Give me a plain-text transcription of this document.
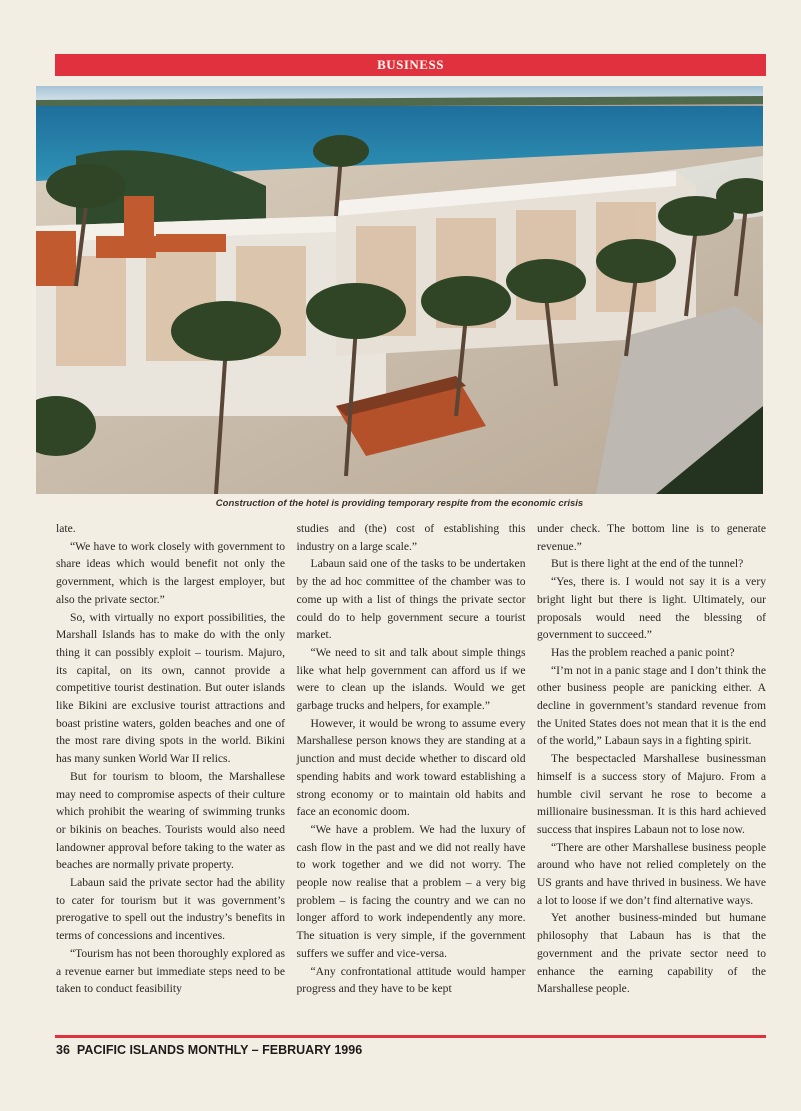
BUSINESS
Construction of the hotel is providing temporary respite from the economic crisis

late.

“We have to work closely with government to share ideas which would benefit not only the government, which is the largest employer, but also the private sector.”

So, with virtually no export possibilities, the Marshall Islands has to make do with the only thing it can possibly exploit – tourism. Majuro, its capital, on its own, cannot provide a competitive tourist destination. But outer islands like Bikini are exclusive tourist attractions and boast pristine waters, golden beaches and one of the most rare diving spots in the world. Bikini has many sunken World War II relics.

But for tourism to bloom, the Marshallese may need to compromise aspects of their culture which prohibit the wearing of swimming trunks or bikinis on beaches. Tourists would also need landowner approval before taking to the water as beaches are normally private property.

Labaun said the private sector had the ability to cater for tourism but it was government’s prerogative to spell out the industry’s benefits in terms of concessions and incentives.

“Tourism has not been thoroughly explored as a revenue earner but immediate steps need to be taken to conduct feasibility

studies and (the) cost of establishing this industry on a large scale.”

Labaun said one of the tasks to be undertaken by the ad hoc committee of the chamber was to come up with a list of things the private sector could do to help government secure a tourist market.

“We need to sit and talk about simple things like what help government can afford us if we were to clean up the islands. Would we get garbage trucks and helpers, for example.”

However, it would be wrong to assume every Marshallese person knows they are standing at a junction and must decide whether to discard old spending habits and work toward establishing a strong economy or to maintain old habits and face an economic doom.

“We have a problem. We had the luxury of cash flow in the past and we did not really have to work together and we did not worry. The people now realise that a problem – a very big problem – is facing the country and we can no longer afford to work independently any more. The situation is very simple, if the government suffers we suffer and vice-versa.

“Any confrontational attitude would hamper progress and they have to be kept

under check. The bottom line is to generate revenue.”

But is there light at the end of the tunnel?

“Yes, there is. I would not say it is a very bright light but there is light. Ultimately, our proposals would need the blessing of government to succeed.”

Has the problem reached a panic point?

“I’m not in a panic stage and I don’t think the other business people are panicking either. A decline in government’s standard revenue from the United States does not mean that it is the end of the world,” Labaun says in a fighting spirit.

The bespectacled Marshallese businessman himself is a success story of Majuro. From a humble civil servant he rose to become a millionaire businessman. It is this hard achieved success that inspires Labaun not to lose now.

“There are other Marshallese business people around who have not relied completely on the US grants and have thrived in business. We have a lot to loose if we don’t find alternative ways.

Yet another business-minded but humane philosophy that Labaun has is that the government and the private sector need to enhance the earning capability of the Marshallese people.

36 PACIFIC ISLANDS MONTHLY – FEBRUARY 1996
